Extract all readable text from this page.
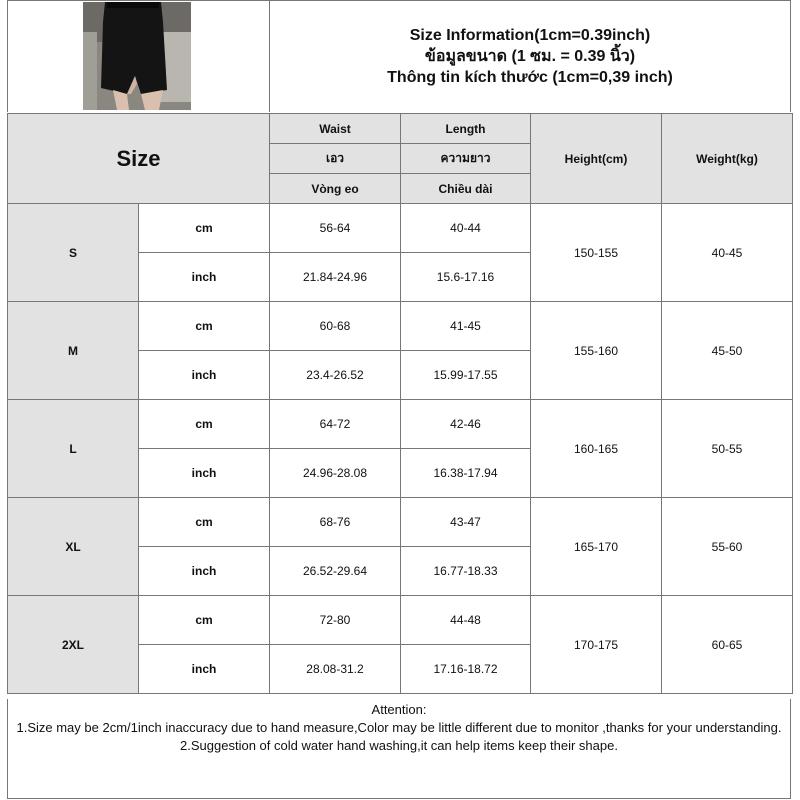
Size Information(1cm=0.39inch)
ข้อมูลขนาด (1 ซม. = 0.39 นิ้ว)
Thông tin kích thước (1cm=0,39 inch)
Size		Waist	Length	Height(cm)	Weight(kg)
		เอว	ความยาว		
		Vòng eo	Chiều dài		
S	cm	56-64	40-44	150-155	40-45
	inch	21.84-24.96	15.6-17.16		
M	cm	60-68	41-45	155-160	45-50
	inch	23.4-26.52	15.99-17.55		
L	cm	64-72	42-46	160-165	50-55
	inch	24.96-28.08	16.38-17.94		
XL	cm	68-76	43-47	165-170	55-60
	inch	26.52-29.64	16.77-18.33		
2XL	cm	72-80	44-48	170-175	60-65
	inch	28.08-31.2	17.16-18.72		
Attention:
1.Size may be 2cm/1inch inaccuracy due to hand measure,Color may be little different due to monitor ,thanks for your understanding.
2.Suggestion of cold water hand washing,it can help items keep their shape.
